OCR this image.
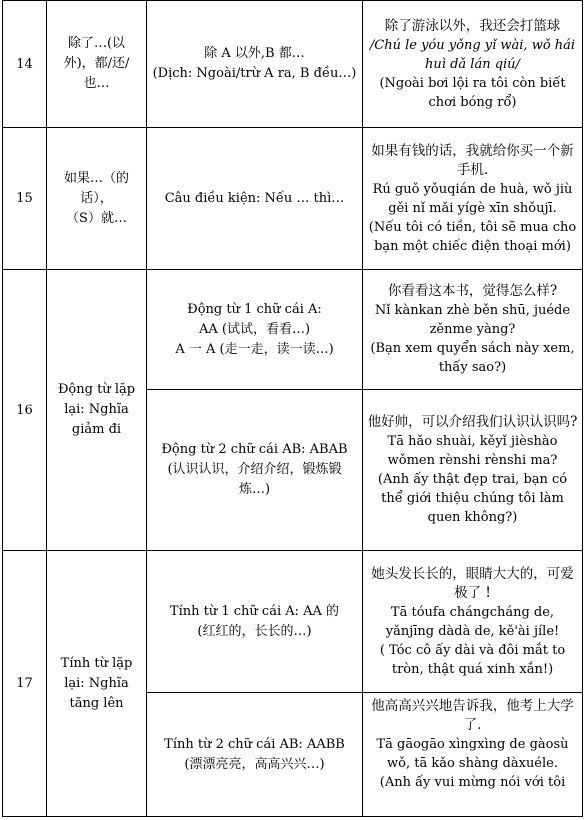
14	除了…(以
外)，都/还/
也…	除 A 以外,B 都…
(Dịch: Ngoài/trừ A ra, B đều…)	除了游泳以外，我还会打篮球
/Chú le yóu yǒng yǐ wài, wǒ hái huì dǎ lán qiú/
(Ngoài bơi lội ra tôi còn biết chơi bóng rổ)

15	如果…（的
话），
（S）就…	Câu điều kiện: Nếu … thì…	如果有钱的话，我就给你买一个新手机.
Rú guǒ yǒuqián de huà, wǒ jiù gěi nǐ mǎi yígè xīn shǒujī.
(Nếu tôi có tiền, tôi sẽ mua cho bạn một chiếc điện thoại mới)

16	Động từ lặp
lại: Nghĩa
giảm đi	Động từ 1 chữ cái A:
AA (试试，看看…)
A 一 A (走一走，读一读…)	你看看这本书，觉得怎么样?
Nǐ kànkan zhè běn shū, juéde zěnme yàng?
(Bạn xem quyển sách này xem, thấy sao?)

		Động từ 2 chữ cái AB: ABAB
(认识认识，介绍介绍，锻炼锻
炼…)	他好帅，可以介绍我们认识认识吗?
Tā hǎo shuài, kěyǐ jièshào wǒmen rènshi rènshi ma?
(Anh ấy thật đẹp trai, bạn có thể giới thiệu chúng tôi làm quen không?)

17	Tính từ lặp
lại: Nghĩa
tăng lên	Tính từ 1 chữ cái A: AA 的
(红红的，长长的…)	她头发长长的，眼睛大大的，可爱极了 !
Tā tóufa chángcháng de, yǎnjīng dàdà de, kě'ài jíle!
( Tóc cô ấy dài và đôi mắt to tròn, thật quá xinh xắn!)

		Tính từ 2 chữ cái AB: AABB
(漂漂亮亮，高高兴兴…)	他高高兴兴地告诉我，他考上大学了.
Tā gāogāo xìngxìng de gàosù wǒ, tā kǎo shàng dàxuéle.
(Anh ấy vui mừng nói với tôi
